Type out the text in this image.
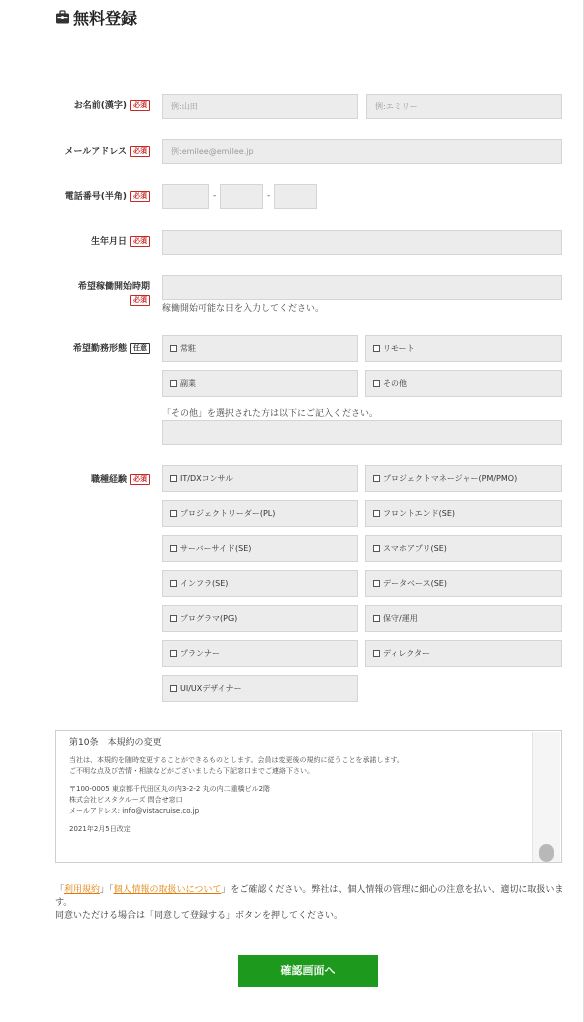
無料登録
お名前(漢字) 必須	例:山田	例:エミリー
メールアドレス 必須	例:emilee@emilee.jp
電話番号(半角) 必須	-	-
生年月日 必須
希望稼働開始時期
必須
稼働開始可能な日を入力してください。
希望勤務形態 任意	常駐	リモート
副業	その他
「その他」を選択された方は以下にご記入ください。
職種経験 必須	IT/DXコンサル	プロジェクトマネージャー(PM/PMO)
プロジェクトリーダー(PL)	フロントエンド(SE)
サーバーサイド(SE)	スマホアプリ(SE)
インフラ(SE)	データベース(SE)
プログラマ(PG)	保守/運用
プランナー	ディレクター
UI/UXデザイナー
第10条　本規約の変更
当社は、本規約を随時変更することができるものとします。会員は変更後の規約に従うことを承諾します。
ご不明な点及び苦情・相談などがございましたら下記窓口までご連絡下さい。
〒100-0005 東京都千代田区丸の内3-2-2 丸の内二重橋ビル2階
株式会社ビスタクルーズ 問合せ窓口
メールアドレス: info@vistacruise.co.jp
2021年2月5日改定
「利用規約」「個人情報の取扱いについて」をご確認ください。弊社は、個人情報の管理に細心の注意を払い、適切に取扱います。
同意いただける場合は「同意して登録する」ボタンを押してください。
確認画面へ
